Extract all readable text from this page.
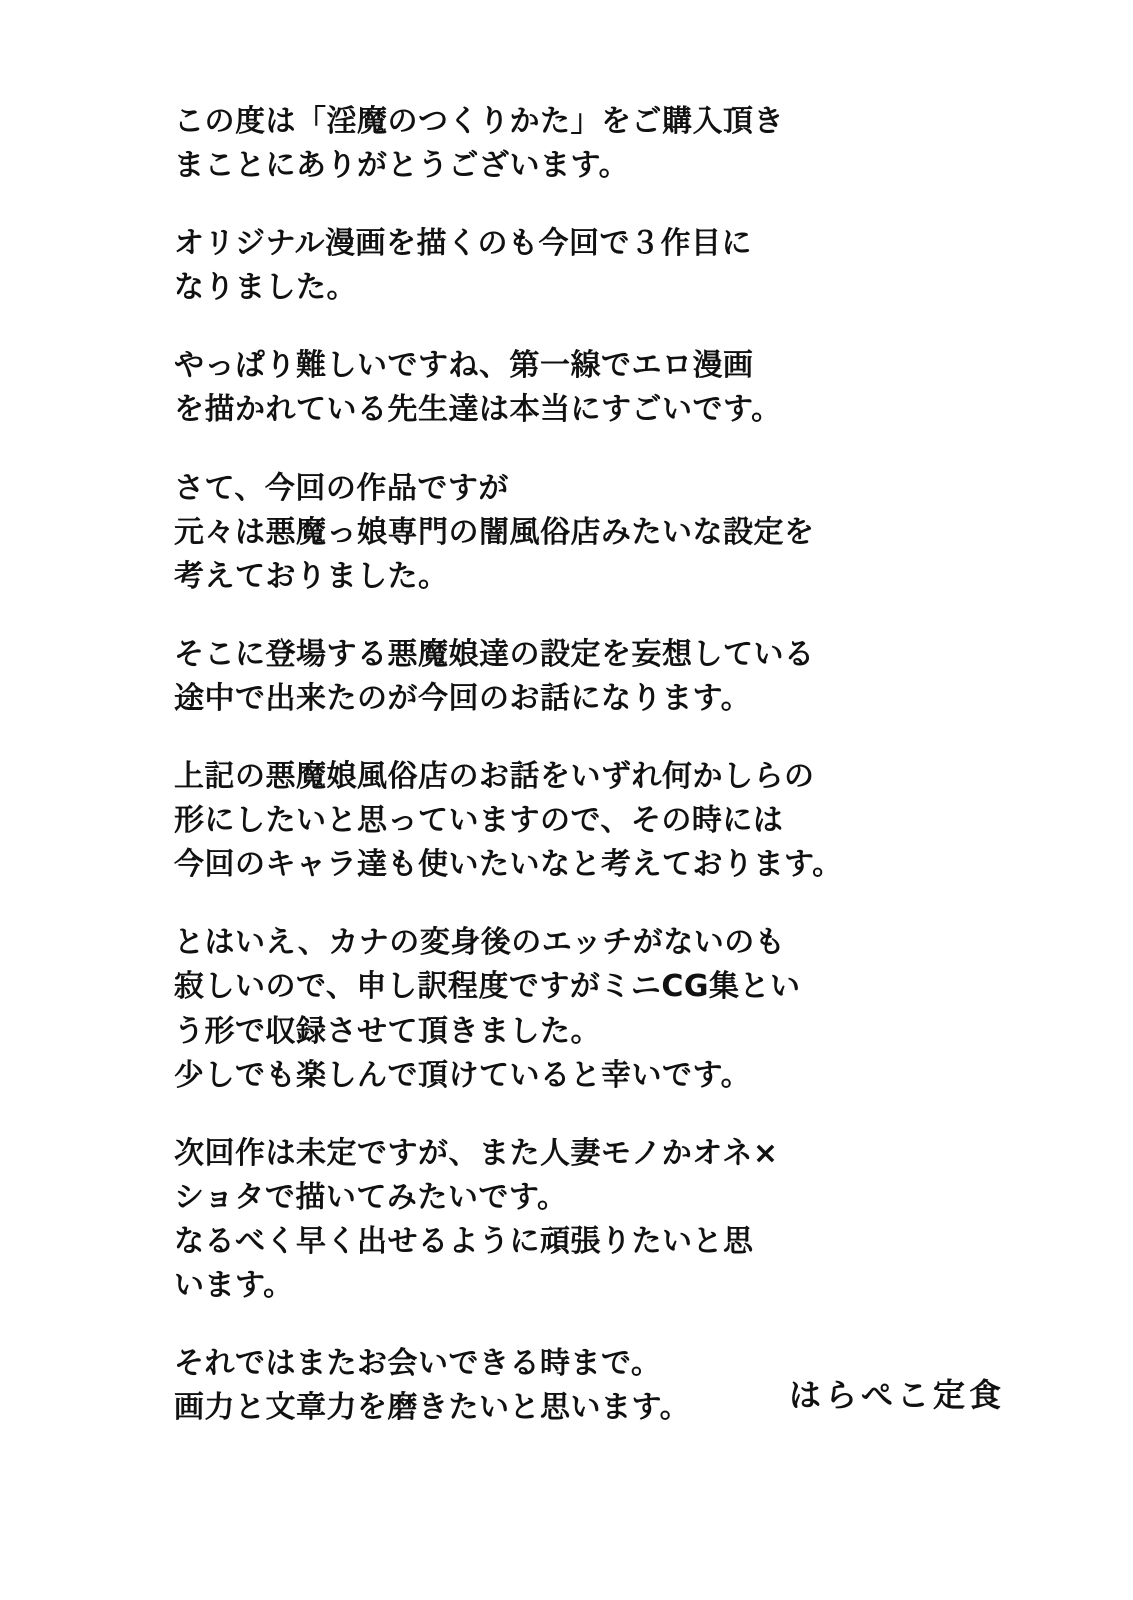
この度は「淫魔のつくりかた」をご購入頂き
まことにありがとうございます。

オリジナル漫画を描くのも今回で３作目に
なりました。

やっぱり難しいですね、第一線でエロ漫画
を描かれている先生達は本当にすごいです。

さて、今回の作品ですが
元々は悪魔っ娘専門の闇風俗店みたいな設定を
考えておりました。

そこに登場する悪魔娘達の設定を妄想している
途中で出来たのが今回のお話になります。

上記の悪魔娘風俗店のお話をいずれ何かしらの
形にしたいと思っていますので、その時には
今回のキャラ達も使いたいなと考えております。

とはいえ、カナの変身後のエッチがないのも
寂しいので、申し訳程度ですがミニCG集とい
う形で収録させて頂きました。
少しでも楽しんで頂けていると幸いです。

次回作は未定ですが、また人妻モノかオネ×
ショタで描いてみたいです。
なるべく早く出せるように頑張りたいと思
います。

それではまたお会いできる時まで。
画力と文章力を磨きたいと思います。	はらぺこ定食
